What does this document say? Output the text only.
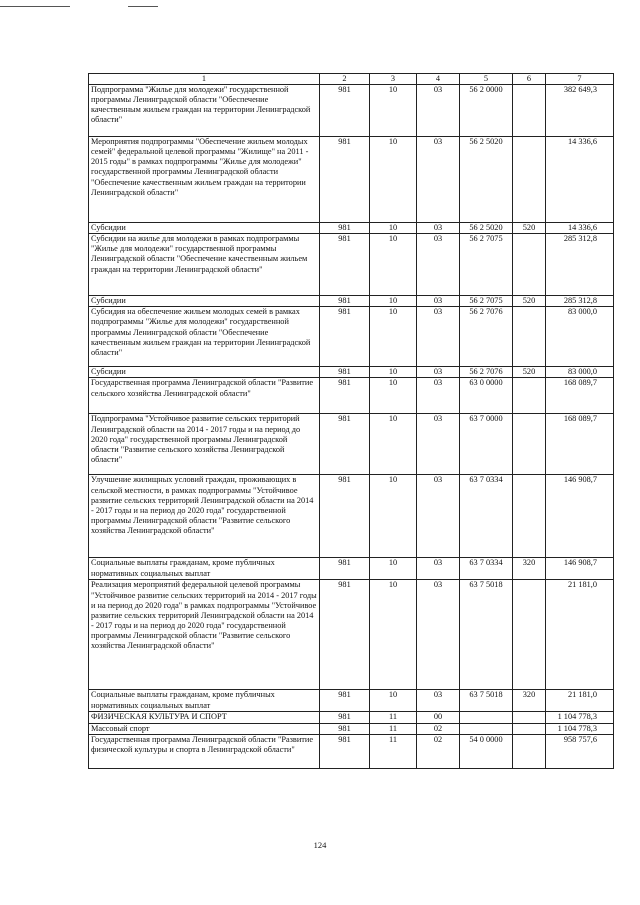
1	2	3	4	5	6	7
Подпрограмма "Жилье для молодежи" государственной программы Ленинградской области "Обеспечение качественным жильем граждан на территории Ленинградской области"	981	10	03	56 2 0000		382 649,3
Мероприятия подпрограммы "Обеспечение жильем молодых семей" федеральной целевой программы "Жилище" на 2011 - 2015 годы" в рамках подпрограммы "Жилье для молодежи" государственной программы Ленинградской области "Обеспечение качественным жильем граждан на территории Ленинградской области"	981	10	03	56 2 5020		14 336,6
Субсидии	981	10	03	56 2 5020	520	14 336,6
Субсидии на жилье для молодежи в рамках подпрограммы "Жилье для молодежи" государственной программы Ленинградской области "Обеспечение качественным жильем граждан на территории Ленинградской области"	981	10	03	56 2 7075		285 312,8
Субсидии	981	10	03	56 2 7075	520	285 312,8
Субсидия на обеспечение жильем молодых семей в рамках подпрограммы "Жилье для молодежи" государственной программы Ленинградской области "Обеспечение качественным жильем граждан на территории Ленинградской области"	981	10	03	56 2 7076		83 000,0
Субсидии	981	10	03	56 2 7076	520	83 000,0
Государственная программа Ленинградской области "Развитие сельского хозяйства Ленинградской области"	981	10	03	63 0 0000		168 089,7
Подпрограмма "Устойчивое развитие сельских территорий Ленинградской области на 2014 - 2017 годы и на период до 2020 года" государственной программы Ленинградской области "Развитие сельского хозяйства Ленинградской области"	981	10	03	63 7 0000		168 089,7
Улучшение жилищных условий граждан, проживающих в сельской местности, в рамках подпрограммы "Устойчивое развитие сельских территорий Ленинградской области на 2014 - 2017 годы и на период до 2020 года" государственной программы Ленинградской области "Развитие сельского хозяйства Ленинградской области"	981	10	03	63 7 0334		146 908,7
Социальные выплаты гражданам, кроме публичных нормативных социальных выплат	981	10	03	63 7 0334	320	146 908,7
Реализация мероприятий федеральной целевой программы "Устойчивое развитие сельских территорий на 2014 - 2017 годы и на период до 2020 года" в рамках подпрограммы "Устойчивое развитие сельских территорий Ленинградской области на 2014 - 2017 годы и на период до 2020 года" государственной программы Ленинградской области "Развитие сельского хозяйства Ленинградской области"	981	10	03	63 7 5018		21 181,0
Социальные выплаты гражданам, кроме публичных нормативных социальных выплат	981	10	03	63 7 5018	320	21 181,0
ФИЗИЧЕСКАЯ КУЛЬТУРА И СПОРТ	981	11	00			1 104 778,3
Массовый спорт	981	11	02			1 104 778,3
Государственная программа Ленинградской области "Развитие физической культуры и спорта в Ленинградской области"	981	11	02	54 0 0000		958 757,6
124
